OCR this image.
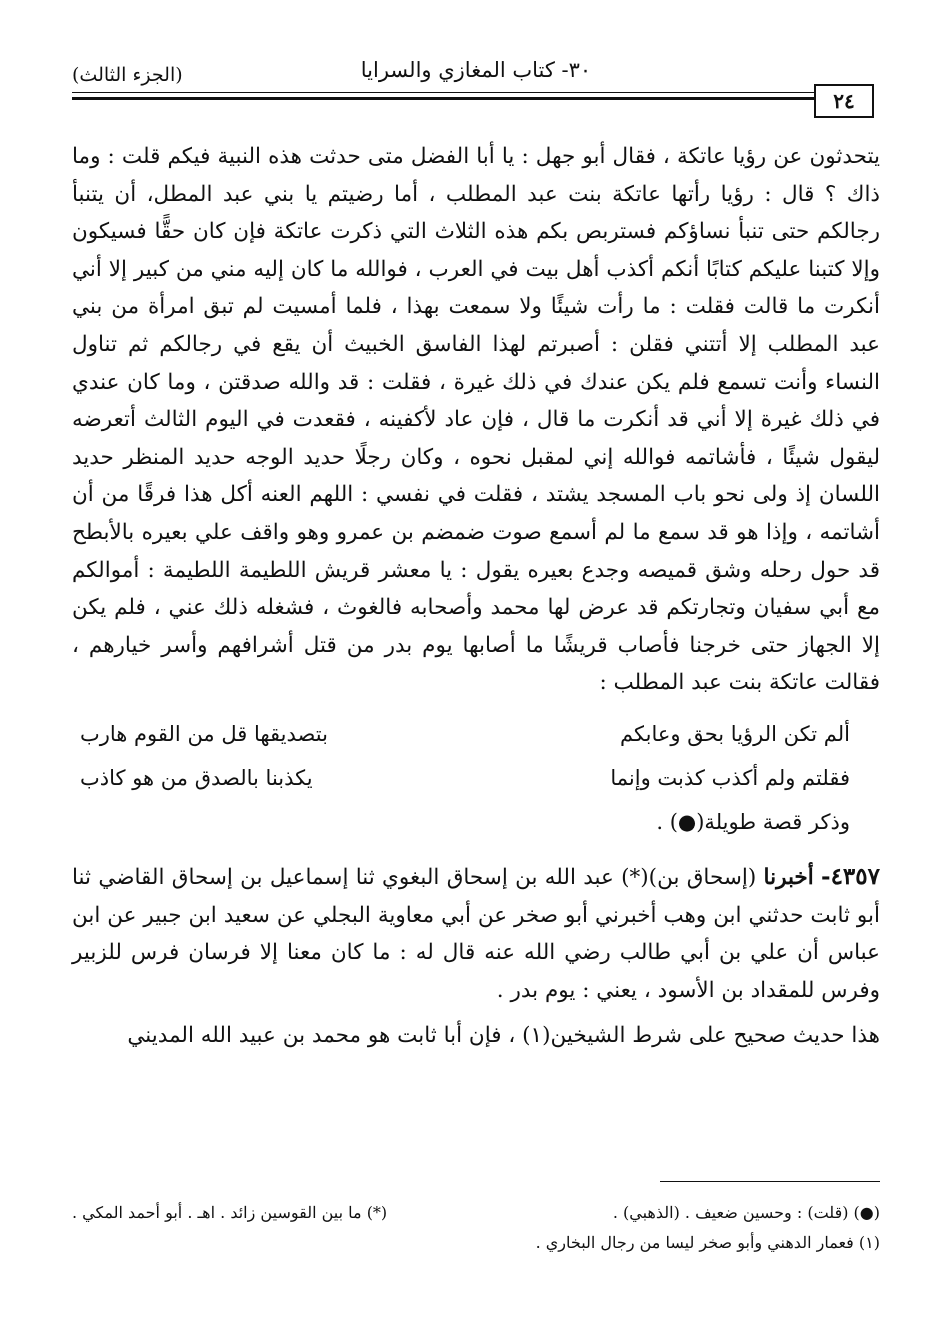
٢٤
٣٠- كتاب المغازي والسرايا
(الجزء الثالث)

يتحدثون عن رؤيا عاتكة ، فقال أبو جهل : يا أبا الفضل متى حدثت هذه النبية فيكم قلت : وما ذاك ؟ قال : رؤيا رأتها عاتكة بنت عبد المطلب ، أما رضيتم يا بني عبد المطل، أن يتنبأ رجالكم حتى تنبأ نساؤكم فستربص بكم هذه الثلاث التي ذكرت عاتكة فإن كان حقًّا فسيكون وإلا كتبنا عليكم كتابًا أنكم أكذب أهل بيت في العرب ، فوالله ما كان إليه مني من كبير إلا أني أنكرت ما قالت فقلت : ما رأت شيئًا ولا سمعت بهذا ، فلما أمسيت لم تبق امرأة من بني عبد المطلب إلا أتتني فقلن : أصبرتم لهذا الفاسق الخبيث أن يقع في رجالكم ثم تناول النساء وأنت تسمع فلم يكن عندك في ذلك غيرة ، فقلت : قد والله صدقتن ، وما كان عندي في ذلك غيرة إلا أني قد أنكرت ما قال ، فإن عاد لأكفينه ، فقعدت في اليوم الثالث أتعرضه ليقول شيئًا ، فأشاتمه فوالله إني لمقبل نحوه ، وكان رجلًا حديد الوجه حديد المنظر حديد اللسان إذ ولى نحو باب المسجد يشتد ، فقلت في نفسي : اللهم العنه أكل هذا فرقًا من أن أشاتمه ، وإذا هو قد سمع ما لم أسمع صوت ضمضم بن عمرو وهو واقف علي بعيره بالأبطح قد حول رحله وشق قميصه وجدع بعيره يقول : يا معشر قريش اللطيمة اللطيمة : أموالكم مع أبي سفيان وتجارتكم قد عرض لها محمد وأصحابه فالغوث ، فشغله ذلك عني ، فلم يكن إلا الجهاز حتى خرجنا فأصاب قريشًا ما أصابها يوم بدر من قتل أشرافهم وأسر خيارهم ، فقالت عاتكة بنت عبد المطلب :

ألم تكن الرؤيا بحق وعابكم
بتصديقها قل من القوم هارب
فقلتم ولم أكذب كذبت وإنما
يكذبنا بالصدق من هو كاذب
وذكر قصة طويلة(●) .

٤٣٥٧- أخبرنا (إسحاق بن)(*) عبد الله بن إسحاق البغوي ثنا إسماعيل بن إسحاق القاضي ثنا أبو ثابت حدثني ابن وهب أخبرني أبو صخر عن أبي معاوية البجلي عن سعيد ابن جبير عن ابن عباس أن علي بن أبي طالب رضي الله عنه قال له : ما كان معنا إلا فرسان فرس للزبير وفرس للمقداد بن الأسود ، يعني : يوم بدر .

هذا حديث صحيح على شرط الشيخين(١) ، فإن أبا ثابت هو محمد بن عبيد الله المديني

(●) (قلت) : وحسين ضعيف . (الذهبي) .
(*) ما بين القوسين زائد . اهـ . أبو أحمد المكي .
(١) فعمار الدهني وأبو صخر ليسا من رجال البخاري .
